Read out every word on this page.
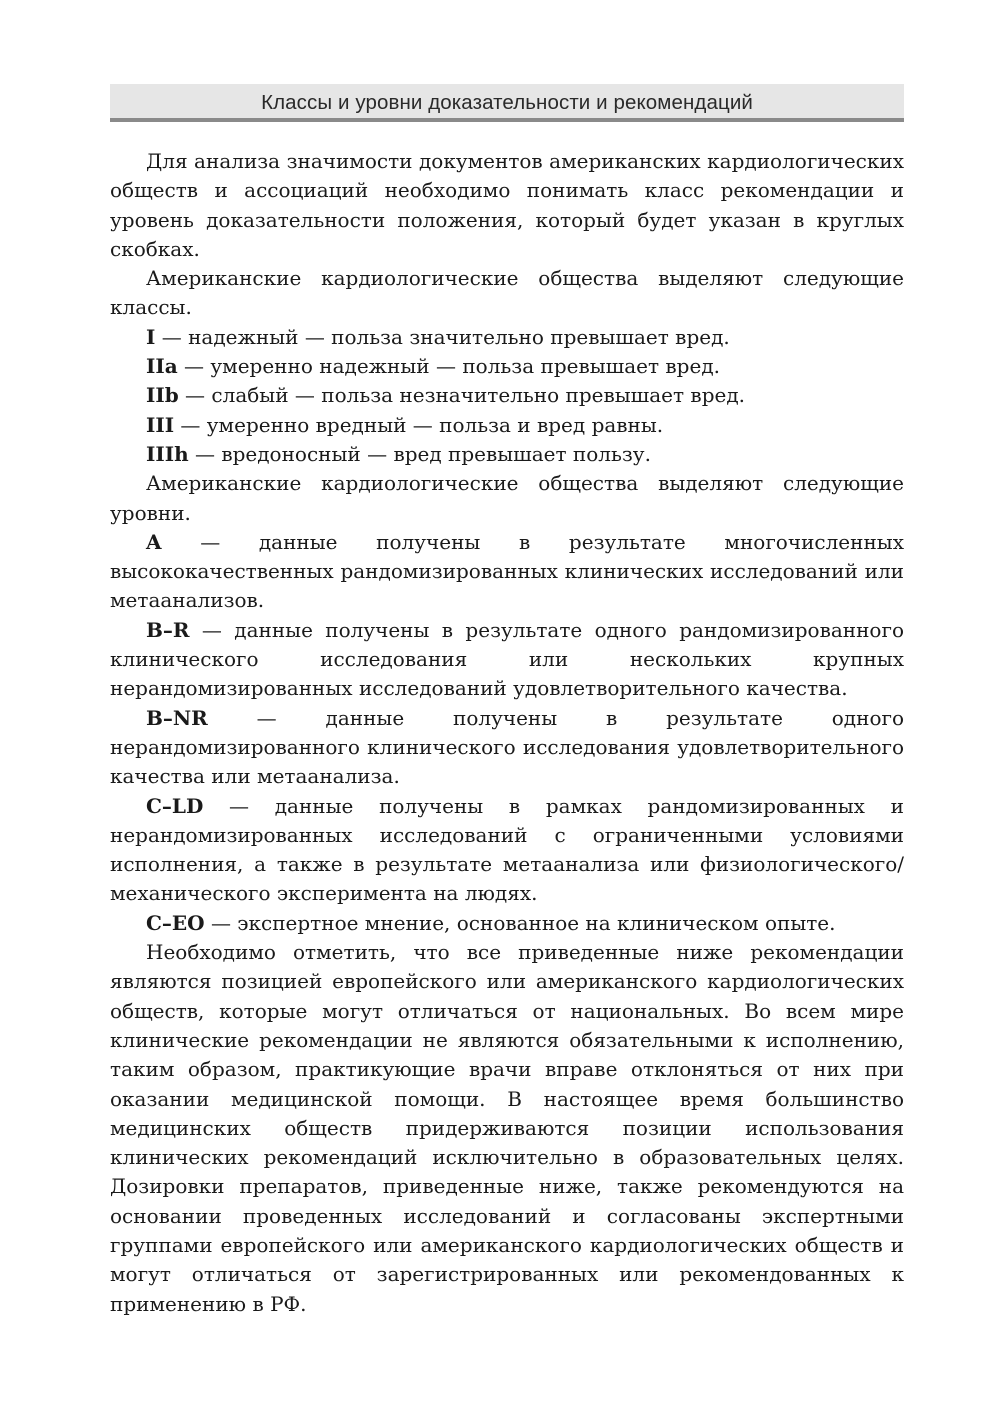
Классы и уровни доказательности и рекомендаций

Для анализа значимости документов американских кардиологических обществ и ассоциаций необходимо понимать класс рекомендации и уровень доказательности положения, который будет указан в круглых скобках.

Американские кардиологические общества выделяют следующие классы.

I — надежный — польза значительно превышает вред.

IIa — умеренно надежный — польза превышает вред.

IIb — слабый — польза незначительно превышает вред.

III — умеренно вредный — польза и вред равны.

IIIh — вредоносный — вред превышает пользу.

Американские кардиологические общества выделяют следующие уровни.

A — данные получены в результате многочисленных высококачественных рандомизированных клинических исследований или метаанализов.

B–R — данные получены в результате одного рандомизированного клинического исследования или нескольких крупных нерандомизированных исследований удовлетворительного качества.

B–NR — данные получены в результате одного нерандомизированного клинического исследования удовлетворительного качества или метаанализа.

C–LD — данные получены в рамках рандомизированных и нерандомизированных исследований с ограниченными условиями исполнения, а также в результате метаанализа или физиологического/механического эксперимента на людях.

C–EO — экспертное мнение, основанное на клиническом опыте.

Необходимо отметить, что все приведенные ниже рекомендации являются позицией европейского или американского кардиологических обществ, которые могут отличаться от национальных. Во всем мире клинические рекомендации не являются обязательными к исполнению, таким образом, практикующие врачи вправе отклоняться от них при оказании медицинской помощи. В настоящее время большинство медицинских обществ придерживаются позиции использования клинических рекомендаций исключительно в образовательных целях. Дозировки препаратов, приведенные ниже, также рекомендуются на основании проведенных исследований и согласованы экспертными группами европейского или американского кардиологических обществ и могут отличаться от зарегистрированных или рекомендованных к применению в РФ.
